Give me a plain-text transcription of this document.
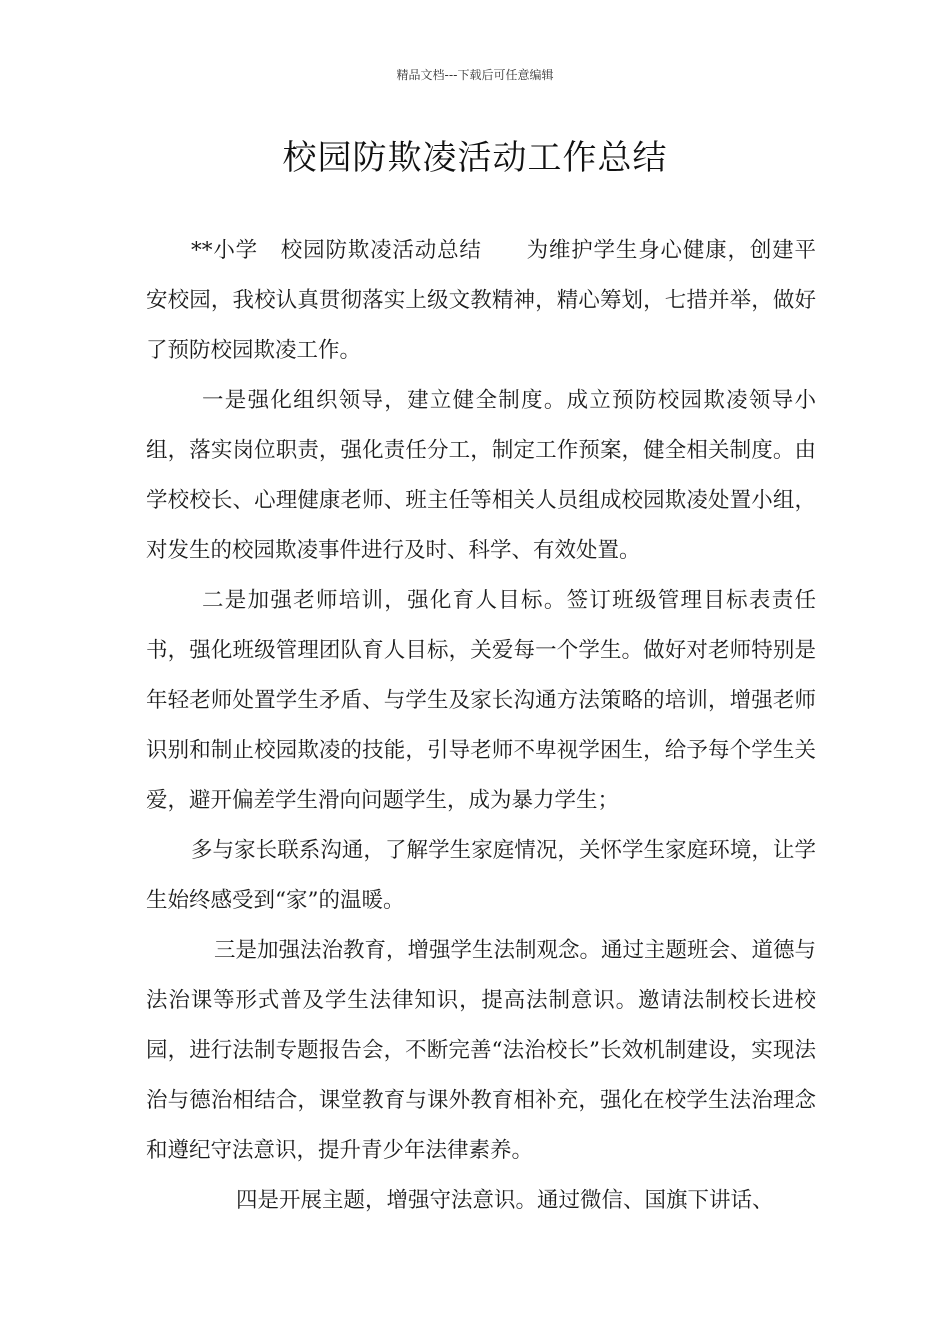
精品文档---下载后可任意编辑
校园防欺凌活动工作总结

**小学 校园防欺凌活动总结 为维护学生身心健康，创建平安校园，我校认真贯彻落实上级文教精神，精心筹划，七措并举，做好了预防校园欺凌工作。

一是强化组织领导，建立健全制度。成立预防校园欺凌领导小组，落实岗位职责，强化责任分工，制定工作预案，健全相关制度。由学校校长、心理健康老师、班主任等相关人员组成校园欺凌处置小组，对发生的校园欺凌事件进行及时、科学、有效处置。

二是加强老师培训，强化育人目标。签订班级管理目标表责任书，强化班级管理团队育人目标，关爱每一个学生。做好对老师特别是年轻老师处置学生矛盾、与学生及家长沟通方法策略的培训，增强老师识别和制止校园欺凌的技能，引导老师不卑视学困生，给予每个学生关爱，避开偏差学生滑向问题学生，成为暴力学生；

多与家长联系沟通，了解学生家庭情况，关怀学生家庭环境，让学生始终感受到“家”的温暖。

三是加强法治教育，增强学生法制观念。通过主题班会、道德与法治课等形式普及学生法律知识，提高法制意识。邀请法制校长进校园，进行法制专题报告会，不断完善“法治校长”长效机制建设，实现法治与德治相结合，课堂教育与课外教育相补充，强化在校学生法治理念和遵纪守法意识，提升青少年法律素养。

四是开展主题，增强守法意识。通过微信、国旗下讲话、
